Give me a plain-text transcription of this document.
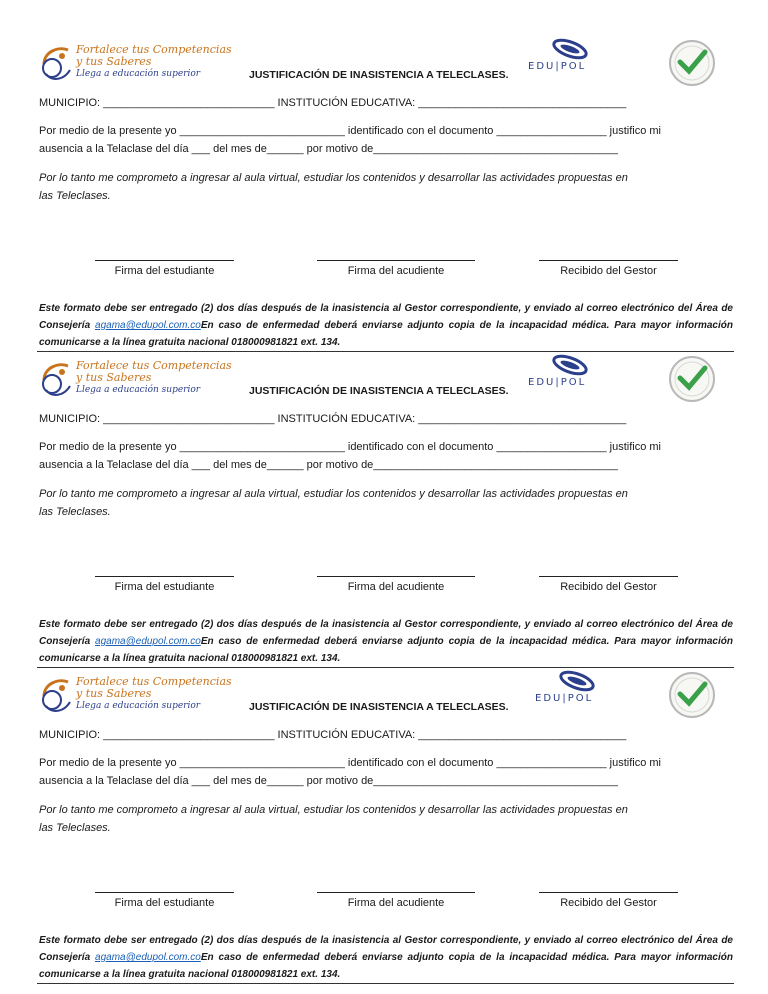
Fortalece tus Competencias
y tus Saberes
Llega a educación superior
EDU|POL
JUSTIFICACIÓN DE INASISTENCIA A TELECLASES.
MUNICIPIO: ____________________________ INSTITUCIÓN EDUCATIVA: __________________________________
Por medio de la presente yo ___________________________ identificado con el documento __________________ justifico mi
ausencia a la Telaclase del día ___ del mes de______ por motivo de________________________________________
Por lo tanto me comprometo a ingresar al aula virtual, estudiar los contenidos y desarrollar las actividades propuestas en
las Teleclases.
Firma del estudiante	Firma del acudiente	Recibido del Gestor
Este formato debe ser entregado (2) dos días después de la inasistencia al Gestor correspondiente, y enviado al correo electrónico del Área de Consejería agama@edupol.com.coEn caso de enfermedad deberá enviarse adjunto copia de la incapacidad médica. Para mayor información comunicarse a la línea gratuita nacional 018000981821 ext. 134.
Fortalece tus Competencias
y tus Saberes
Llega a educación superior
EDU|POL
JUSTIFICACIÓN DE INASISTENCIA A TELECLASES.
MUNICIPIO: ____________________________ INSTITUCIÓN EDUCATIVA: __________________________________
Por medio de la presente yo ___________________________ identificado con el documento __________________ justifico mi
ausencia a la Telaclase del día ___ del mes de______ por motivo de________________________________________
Por lo tanto me comprometo a ingresar al aula virtual, estudiar los contenidos y desarrollar las actividades propuestas en
las Teleclases.
Firma del estudiante	Firma del acudiente	Recibido del Gestor
Este formato debe ser entregado (2) dos días después de la inasistencia al Gestor correspondiente, y enviado al correo electrónico del Área de Consejería agama@edupol.com.coEn caso de enfermedad deberá enviarse adjunto copia de la incapacidad médica. Para mayor información comunicarse a la línea gratuita nacional 018000981821 ext. 134.
Fortalece tus Competencias
y tus Saberes
Llega a educación superior
EDU|POL
JUSTIFICACIÓN DE INASISTENCIA A TELECLASES.
MUNICIPIO: ____________________________ INSTITUCIÓN EDUCATIVA: __________________________________
Por medio de la presente yo ___________________________ identificado con el documento __________________ justifico mi
ausencia a la Telaclase del día ___ del mes de______ por motivo de________________________________________
Por lo tanto me comprometo a ingresar al aula virtual, estudiar los contenidos y desarrollar las actividades propuestas en
las Teleclases.
Firma del estudiante	Firma del acudiente	Recibido del Gestor
Este formato debe ser entregado (2) dos días después de la inasistencia al Gestor correspondiente, y enviado al correo electrónico del Área de Consejería agama@edupol.com.coEn caso de enfermedad deberá enviarse adjunto copia de la incapacidad médica. Para mayor información comunicarse a la línea gratuita nacional 018000981821 ext. 134.
